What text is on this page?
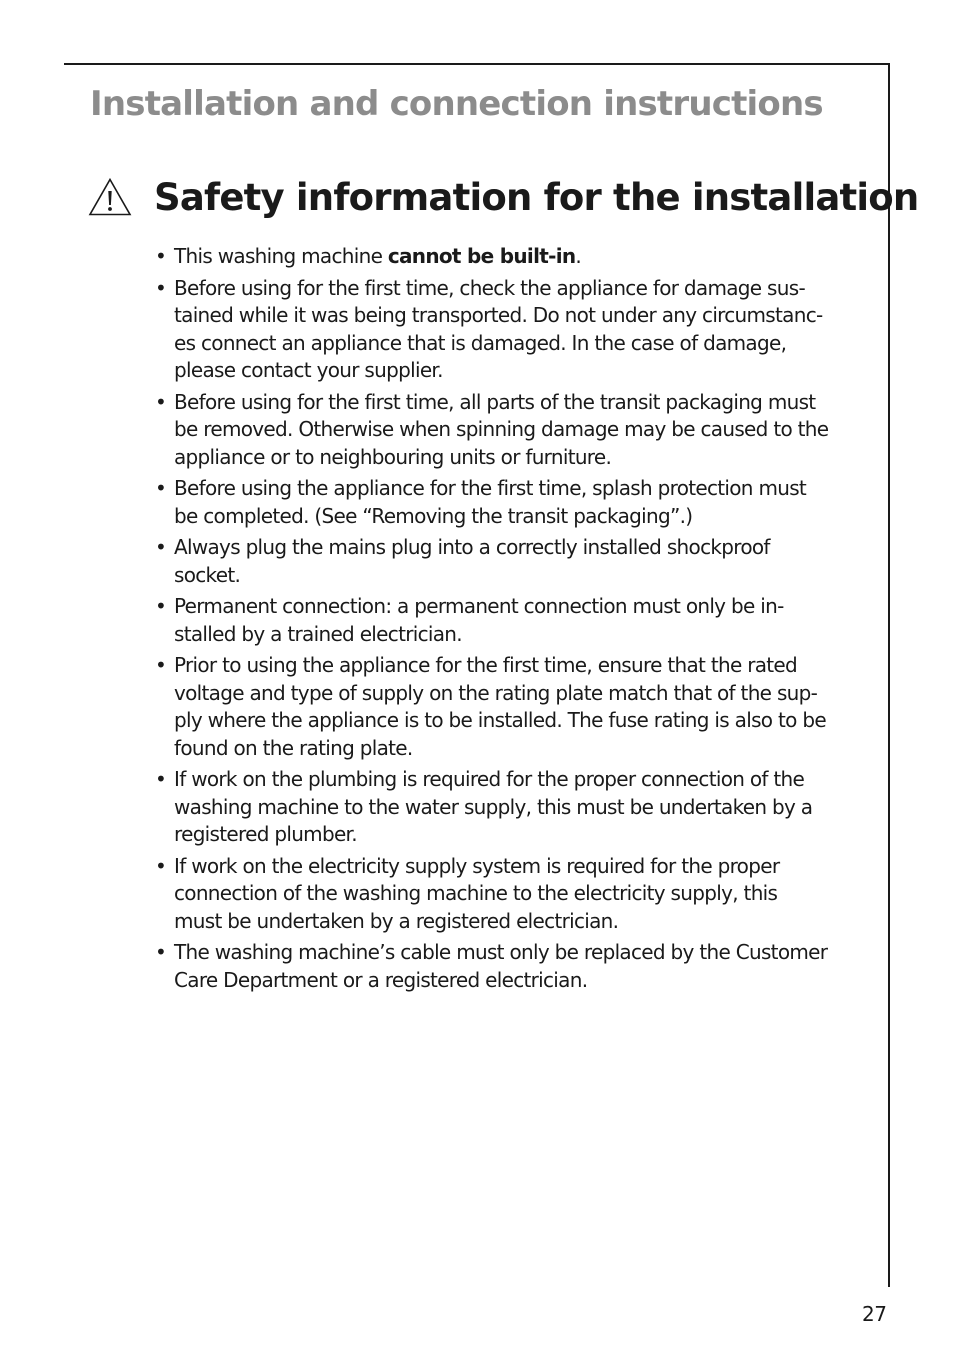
Installation and connection instructions
Safety information for the installation
• This washing machine cannot be built-in.
• Before using for the first time, check the appliance for damage sus-
tained while it was being transported. Do not under any circumstanc-
es connect an appliance that is damaged. In the case of damage,
please contact your supplier.
• Before using for the first time, all parts of the transit packaging must
be removed. Otherwise when spinning damage may be caused to the
appliance or to neighbouring units or furniture.
• Before using the appliance for the first time, splash protection must
be completed. (See “Removing the transit packaging”.)
• Always plug the mains plug into a correctly installed shockproof
socket.
• Permanent connection: a permanent connection must only be in-
stalled by a trained electrician.
• Prior to using the appliance for the first time, ensure that the rated
voltage and type of supply on the rating plate match that of the sup-
ply where the appliance is to be installed. The fuse rating is also to be
found on the rating plate.
• If work on the plumbing is required for the proper connection of the
washing machine to the water supply, this must be undertaken by a
registered plumber.
• If work on the electricity supply system is required for the proper
connection of the washing machine to the electricity supply, this
must be undertaken by a registered electrician.
• The washing machine’s cable must only be replaced by the Customer
Care Department or a registered electrician.
27
